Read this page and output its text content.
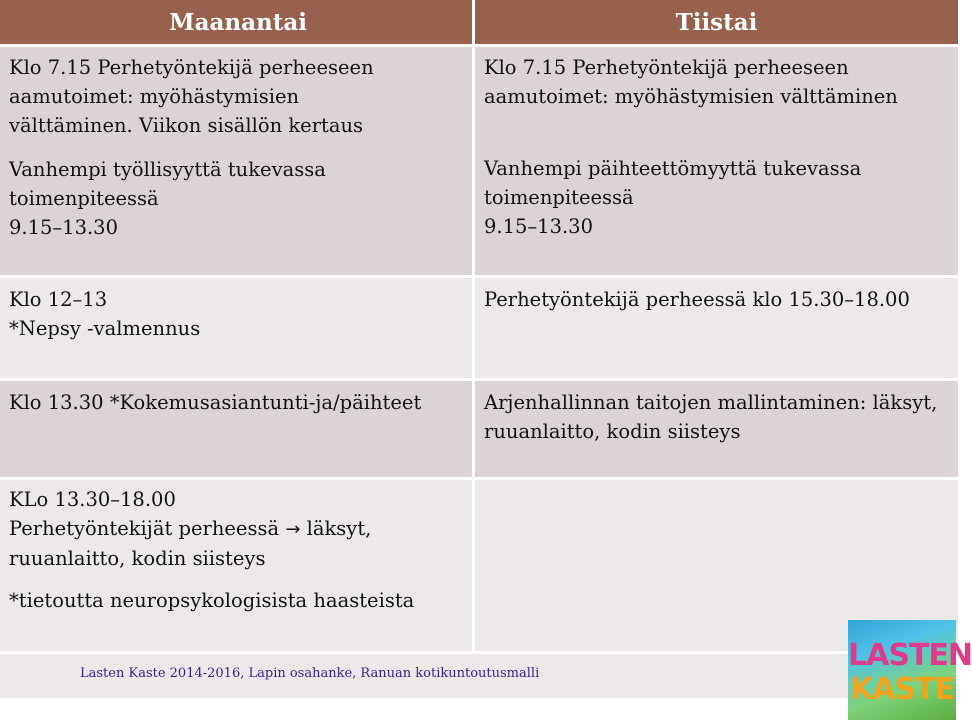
Maanantai	Tiistai

Klo 7.15 Perhetyöntekijä perheeseen aamutoimet: myöhästymisien välttäminen. Viikon sisällön kertaus

Vanhempi työllisyyttä tukevassa toimenpiteessä

9.15–13.30

Klo 12–13

*Nepsy -valmennus

Klo 13.30 *Kokemusasiantunti-ja/päihteet

KLo 13.30–18.00

Perhetyöntekijät perheessä → läksyt, ruuanlaitto, kodin siisteys

*tietoutta neuropsykologisista haasteista

Klo 7.15 Perhetyöntekijä perheeseen aamutoimet: myöhästymisien välttäminen

Vanhempi päihteettömyyttä tukevassa toimenpiteessä

9.15–13.30

Perhetyöntekijä perheessä klo 15.30–18.00

Arjenhallinnan taitojen mallintaminen: läksyt, ruuanlaitto, kodin siisteys

Lasten Kaste 2014-2016, Lapin osahanke, Ranuan kotikuntoutusmalli
LASTEN
KASTE
